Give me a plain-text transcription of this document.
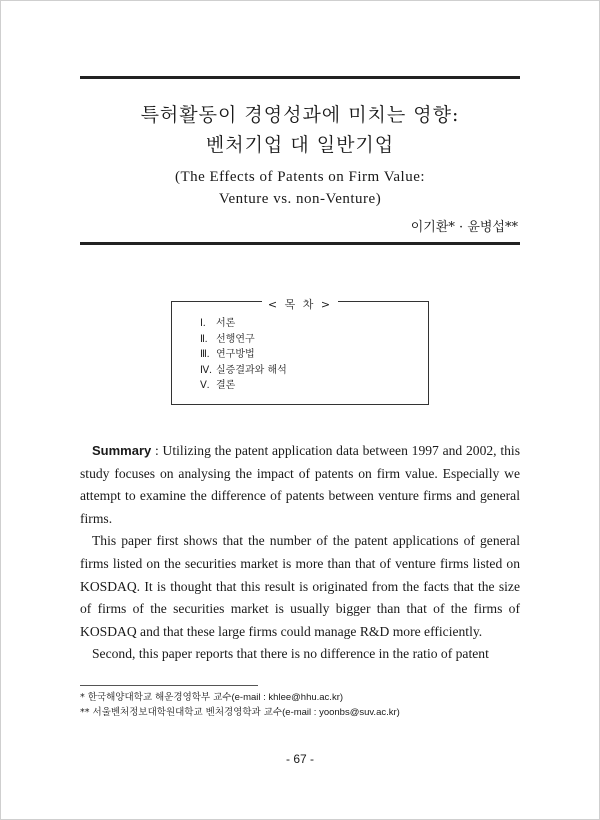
특허활동이 경영성과에 미치는 영향:

벤처기업 대 일반기업

(The Effects of Patents on Firm Value:
Venture vs. non-Venture)

이기환* · 윤병섭**
< 목 차 >
Ⅰ. 서론
Ⅱ. 선행연구
Ⅲ. 연구방법
Ⅳ. 실증결과와 해석
Ⅴ. 결론

Summary : Utilizing the patent application data between 1997 and 2002, this study focuses on analysing the impact of patents on firm value. Especially we attempt to examine the difference of patents between venture firms and general firms.

This paper first shows that the number of the patent applications of general firms listed on the securities market is more than that of venture firms listed on KOSDAQ. It is thought that this result is originated from the facts that the size of firms of the securities market is usually bigger than that of the firms of KOSDAQ and that these large firms could manage R&D more efficiently.

Second, this paper reports that there is no difference in the ratio of patent

* 한국해양대학교 해운경영학부 교수(e-mail : khlee@hhu.ac.kr)
** 서울벤처정보대학원대학교 벤처경영학과 교수(e-mail : yoonbs@suv.ac.kr)
- 67 -
